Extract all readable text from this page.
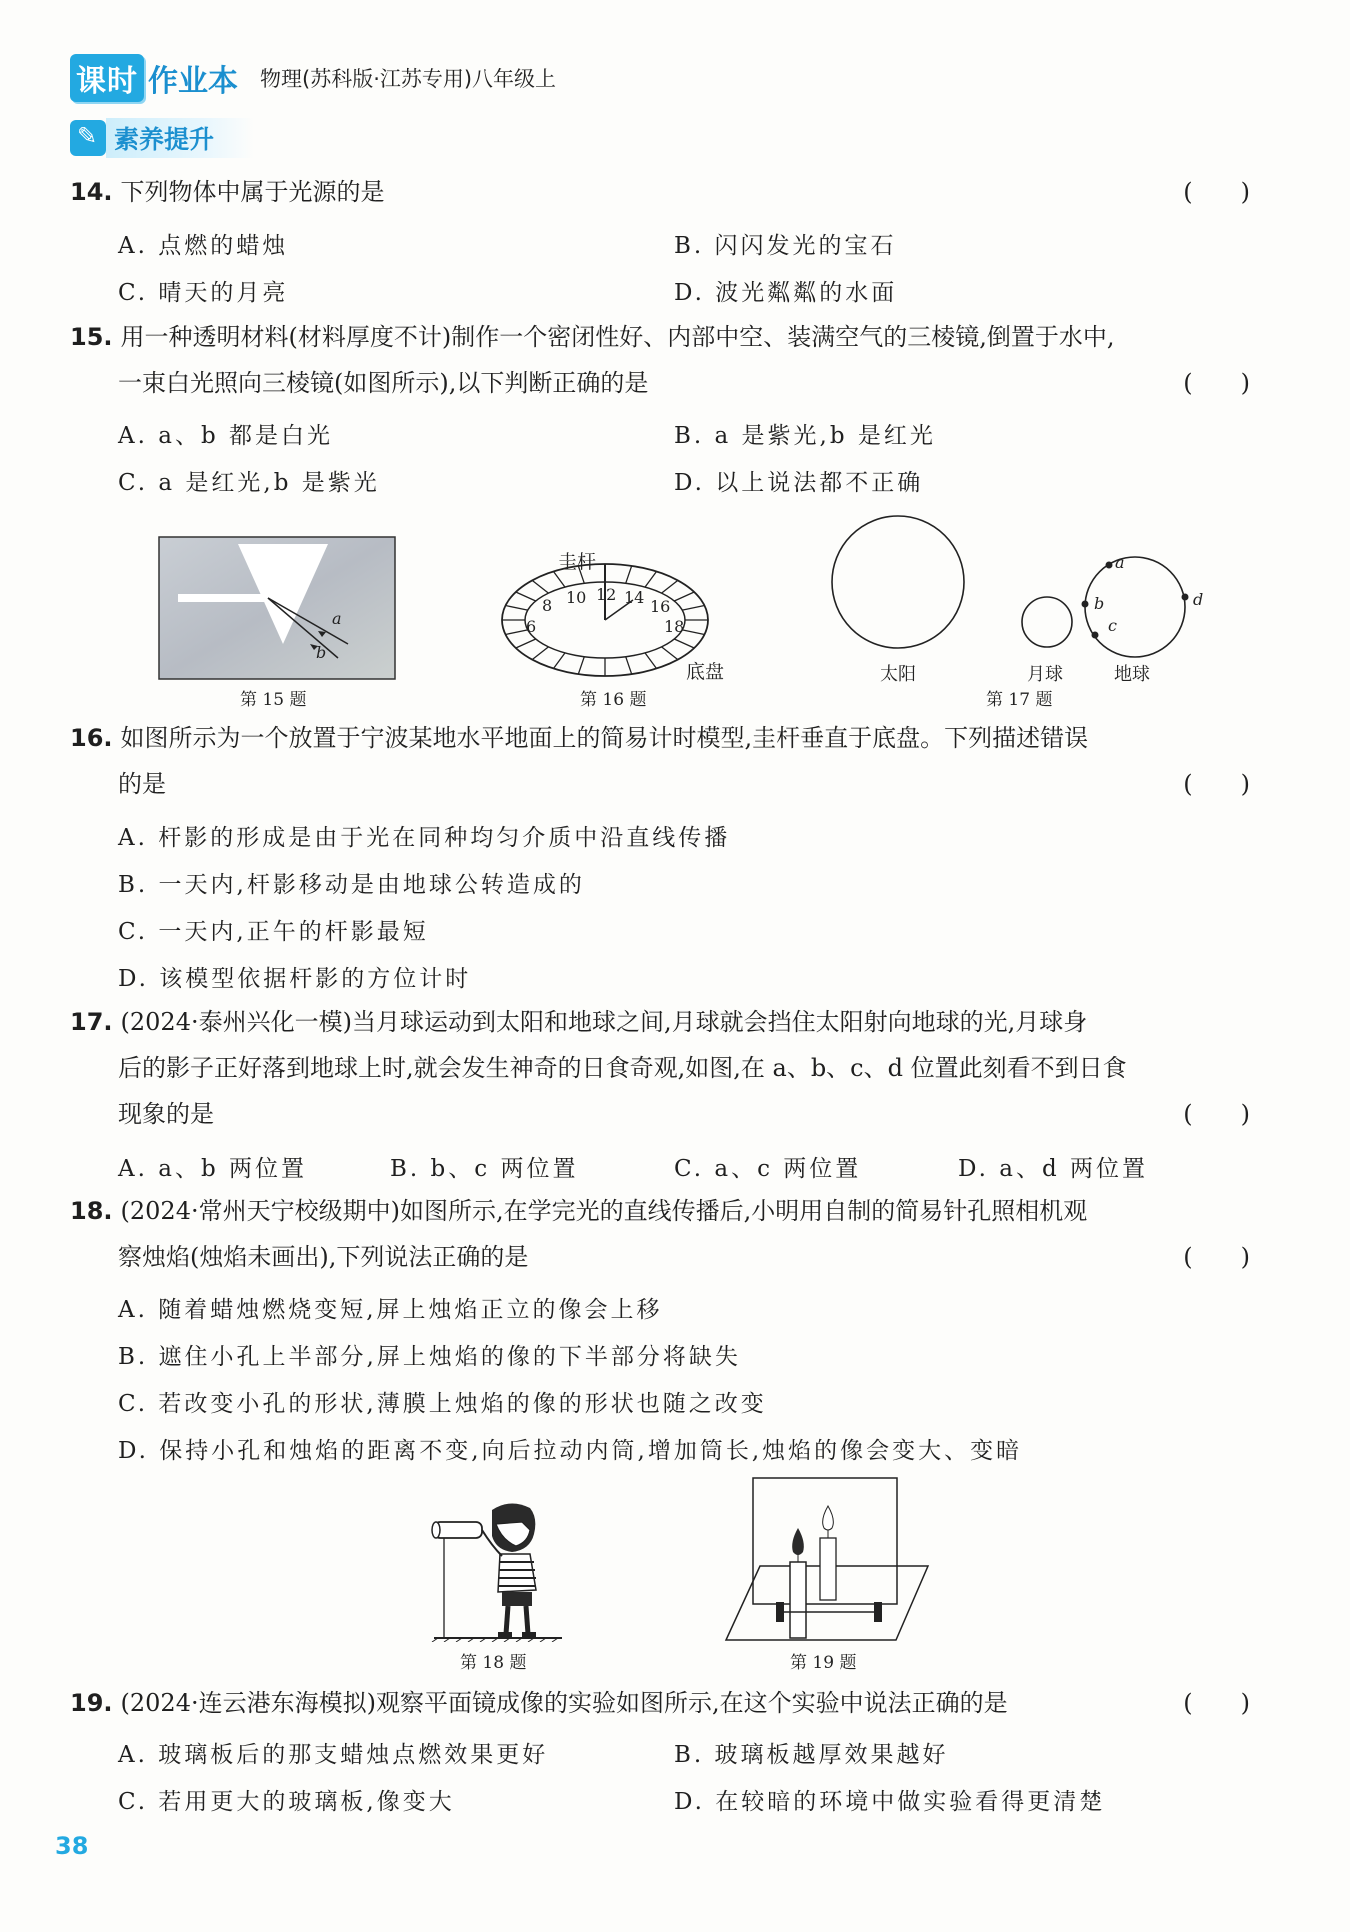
课时 作业本 物理(苏科版·江苏专用)八年级上
✎
素养提升
14. 下列物体中属于光源的是	(　　)
A. 点燃的蜡烛	B. 闪闪发光的宝石
C. 晴天的月亮	D. 波光粼粼的水面
15. 用一种透明材料(材料厚度不计)制作一个密闭性好、内部中空、装满空气的三棱镜,倒置于水中,
一束白光照向三棱镜(如图所示),以下判断正确的是	(　　)
A. a、b 都是白光	B. a 是紫光,b 是红光
C. a 是红光,b 是紫光	D. 以上说法都不正确
a
b
第 15 题
圭杆
6
8 10 12 14 16
18
底盘
第 16 题
a
b
c
d
太阳	月球	地球
第 17 题
16. 如图所示为一个放置于宁波某地水平地面上的简易计时模型,圭杆垂直于底盘。下列描述错误
的是	(　　)
A. 杆影的形成是由于光在同种均匀介质中沿直线传播
B. 一天内,杆影移动是由地球公转造成的
C. 一天内,正午的杆影最短
D. 该模型依据杆影的方位计时
17. (2024·泰州兴化一模)当月球运动到太阳和地球之间,月球就会挡住太阳射向地球的光,月球身
后的影子正好落到地球上时,就会发生神奇的日食奇观,如图,在 a、b、c、d 位置此刻看不到日食
现象的是	(　　)
A. a、b 两位置	B. b、c 两位置	C. a、c 两位置	D. a、d 两位置
18. (2024·常州天宁校级期中)如图所示,在学完光的直线传播后,小明用自制的简易针孔照相机观
察烛焰(烛焰未画出),下列说法正确的是	(　　)
A. 随着蜡烛燃烧变短,屏上烛焰正立的像会上移
B. 遮住小孔上半部分,屏上烛焰的像的下半部分将缺失
C. 若改变小孔的形状,薄膜上烛焰的像的形状也随之改变
D. 保持小孔和烛焰的距离不变,向后拉动内筒,增加筒长,烛焰的像会变大、变暗
第 18 题	第 19 题
19. (2024·连云港东海模拟)观察平面镜成像的实验如图所示,在这个实验中说法正确的是	(　　)
A. 玻璃板后的那支蜡烛点燃效果更好	B. 玻璃板越厚效果越好
C. 若用更大的玻璃板,像变大	D. 在较暗的环境中做实验看得更清楚
38
